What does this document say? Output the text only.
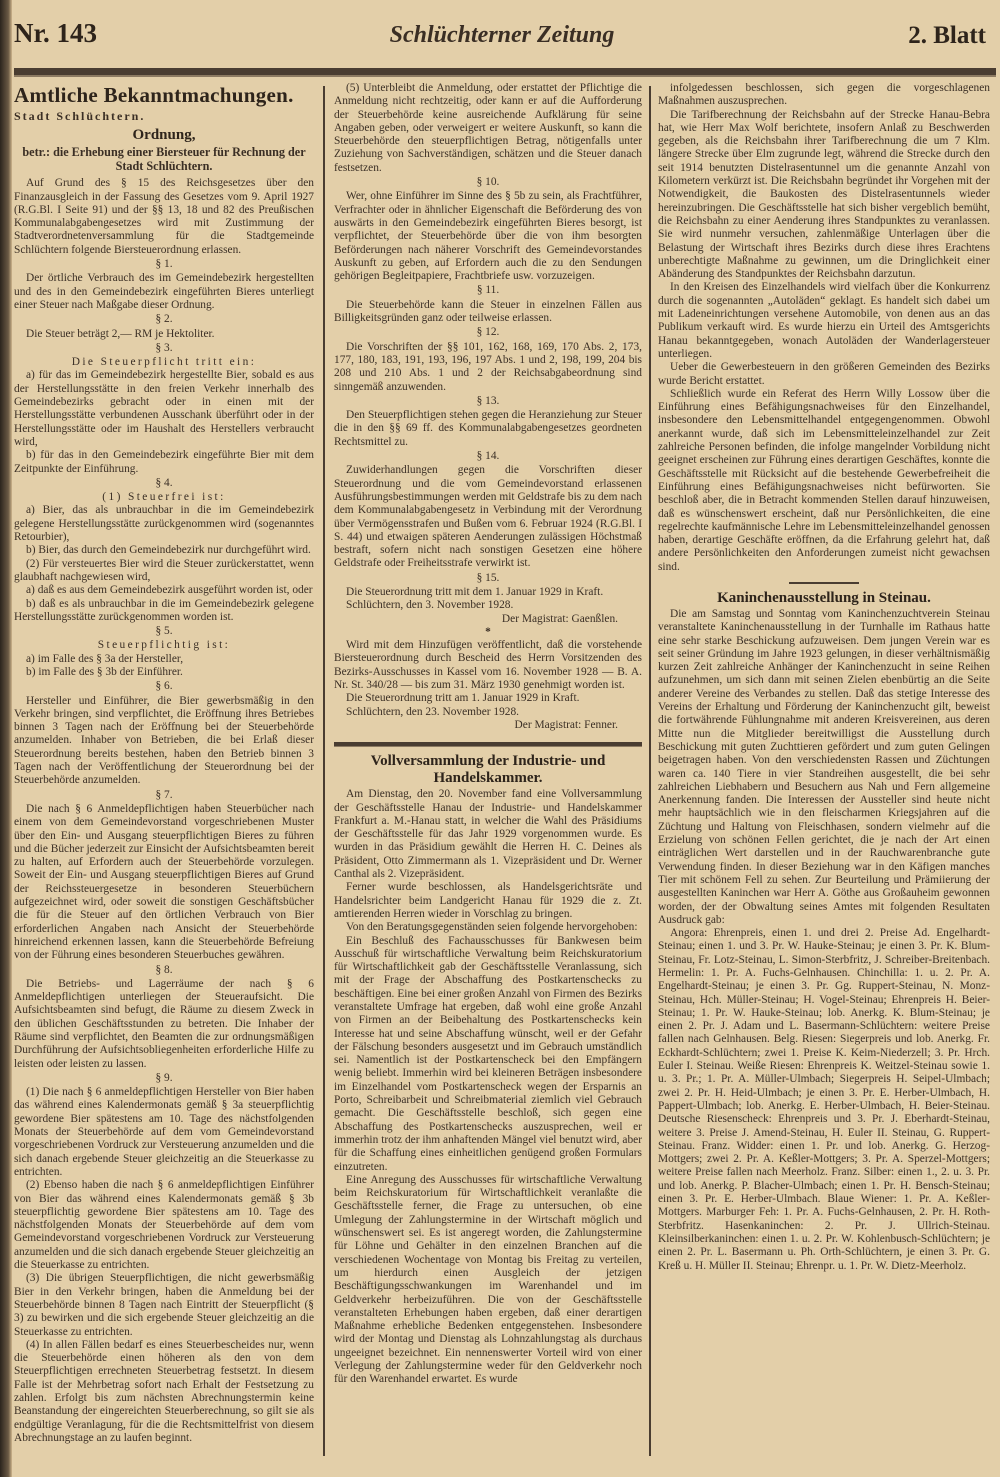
Nr. 143	Schlüchterner Zeitung	2. Blatt
Amtliche Bekanntmachungen.
Stadt Schlüchtern.
Ordnung,
betr.: die Erhebung einer Biersteuer für Rechnung der Stadt Schlüchtern.
Auf Grund des § 15 des Reichsgesetzes über den Finanzausgleich in der Fassung des Gesetzes vom 9. April 1927 (R.G.Bl. I Seite 91) und der §§ 13, 18 und 82 des Preußischen Kommunalabgabengesetzes wird mit Zustimmung der Stadtverordnetenversammlung für die Stadtgemeinde Schlüchtern folgende Biersteuerordnung erlassen.
§ 1.
Der örtliche Verbrauch des im Gemeindebezirk hergestellten und des in den Gemeindebezirk eingeführten Bieres unterliegt einer Steuer nach Maßgabe dieser Ordnung.
§ 2.
Die Steuer beträgt 2,— RM je Hektoliter.
§ 3.
Die Steuerpflicht tritt ein:
a) für das im Gemeindebezirk hergestellte Bier, sobald es aus der Herstellungsstätte in den freien Verkehr innerhalb des Gemeindebezirks gebracht oder in einen mit der Herstellungsstätte verbundenen Ausschank überführt oder in der Herstellungsstätte oder im Haushalt des Herstellers verbraucht wird,
b) für das in den Gemeindebezirk eingeführte Bier mit dem Zeitpunkte der Einführung.
§ 4.
(1) Steuerfrei ist:
a) Bier, das als unbrauchbar in die im Gemeindebezirk gelegene Herstellungsstätte zurückgenommen wird (sogenanntes Retourbier),
b) Bier, das durch den Gemeindebezirk nur durchgeführt wird.
(2) Für versteuertes Bier wird die Steuer zurückerstattet, wenn glaubhaft nachgewiesen wird,
a) daß es aus dem Gemeindebezirk ausgeführt worden ist, oder
b) daß es als unbrauchbar in die im Gemeindebezirk gelegene Herstellungsstätte zurückgenommen worden ist.
§ 5.
Steuerpflichtig ist:
a) im Falle des § 3a der Hersteller,
b) im Falle des § 3b der Einführer.
§ 6.
Hersteller und Einführer, die Bier gewerbsmäßig in den Verkehr bringen, sind verpflichtet, die Eröffnung ihres Betriebes binnen 3 Tagen nach der Eröffnung bei der Steuerbehörde anzumelden. Inhaber von Betrieben, die bei Erlaß dieser Steuerordnung bereits bestehen, haben den Betrieb binnen 3 Tagen nach der Veröffentlichung der Steuerordnung bei der Steuerbehörde anzumelden.
§ 7.
Die nach § 6 Anmeldepflichtigen haben Steuerbücher nach einem von dem Gemeindevorstand vorgeschriebenen Muster über den Ein- und Ausgang steuerpflichtigen Bieres zu führen und die Bücher jederzeit zur Einsicht der Aufsichtsbeamten bereit zu halten, auf Erfordern auch der Steuerbehörde vorzulegen. Soweit der Ein- und Ausgang steuerpflichtigen Bieres auf Grund der Reichssteuergesetze in besonderen Steuerbüchern aufgezeichnet wird, oder soweit die sonstigen Geschäftsbücher die für die Steuer auf den örtlichen Verbrauch von Bier erforderlichen Angaben nach Ansicht der Steuerbehörde hinreichend erkennen lassen, kann die Steuerbehörde Befreiung von der Führung eines besonderen Steuerbuches gewähren.
§ 8.
Die Betriebs- und Lagerräume der nach § 6 Anmeldepflichtigen unterliegen der Steueraufsicht. Die Aufsichtsbeamten sind befugt, die Räume zu diesem Zweck in den üblichen Geschäftsstunden zu betreten. Die Inhaber der Räume sind verpflichtet, den Beamten die zur ordnungsmäßigen Durchführung der Aufsichtsobliegenheiten erforderliche Hilfe zu leisten oder leisten zu lassen.
§ 9.
(1) Die nach § 6 anmeldepflichtigen Hersteller von Bier haben das während eines Kalendermonats gemäß § 3a steuerpflichtig gewordene Bier spätestens am 10. Tage des nächstfolgenden Monats der Steuerbehörde auf dem vom Gemeindevorstand vorgeschriebenen Vordruck zur Versteuerung anzumelden und die sich danach ergebende Steuer gleichzeitig an die Steuerkasse zu entrichten.
(2) Ebenso haben die nach § 6 anmeldepflichtigen Einführer von Bier das während eines Kalendermonats gemäß § 3b steuerpflichtig gewordene Bier spätestens am 10. Tage des nächstfolgenden Monats der Steuerbehörde auf dem vom Gemeindevorstand vorgeschriebenen Vordruck zur Versteuerung anzumelden und die sich danach ergebende Steuer gleichzeitig an die Steuerkasse zu entrichten.
(3) Die übrigen Steuerpflichtigen, die nicht gewerbsmäßig Bier in den Verkehr bringen, haben die Anmeldung bei der Steuerbehörde binnen 8 Tagen nach Eintritt der Steuerpflicht (§ 3) zu bewirken und die sich ergebende Steuer gleichzeitig an die Steuerkasse zu entrichten.
(4) In allen Fällen bedarf es eines Steuerbescheides nur, wenn die Steuerbehörde einen höheren als den von dem Steuerpflichtigen errechneten Steuerbetrag festsetzt. In diesem Falle ist der Mehrbetrag sofort nach Erhalt der Festsetzung zu zahlen. Erfolgt bis zum nächsten Abrechnungstermin keine Beanstandung der eingereichten Steuerberechnung, so gilt sie als endgültige Veranlagung, für die die Rechtsmittelfrist von diesem Abrechnungstage an zu laufen beginnt.
(5) Unterbleibt die Anmeldung, oder erstattet der Pflichtige die Anmeldung nicht rechtzeitig, oder kann er auf die Aufforderung der Steuerbehörde keine ausreichende Aufklärung für seine Angaben geben, oder verweigert er weitere Auskunft, so kann die Steuerbehörde den steuerpflichtigen Betrag, nötigenfalls unter Zuziehung von Sachverständigen, schätzen und die Steuer danach festsetzen.
§ 10.
Wer, ohne Einführer im Sinne des § 5b zu sein, als Frachtführer, Verfrachter oder in ähnlicher Eigenschaft die Beförderung des von auswärts in den Gemeindebezirk eingeführten Bieres besorgt, ist verpflichtet, der Steuerbehörde über die von ihm besorgten Beförderungen nach näherer Vorschrift des Gemeindevorstandes Auskunft zu geben, auf Erfordern auch die zu den Sendungen gehörigen Begleitpapiere, Frachtbriefe usw. vorzuzeigen.
§ 11.
Die Steuerbehörde kann die Steuer in einzelnen Fällen aus Billigkeitsgründen ganz oder teilweise erlassen.
§ 12.
Die Vorschriften der §§ 101, 162, 168, 169, 170 Abs. 2, 173, 177, 180, 183, 191, 193, 196, 197 Abs. 1 und 2, 198, 199, 204 bis 208 und 210 Abs. 1 und 2 der Reichsabgabeordnung sind sinngemäß anzuwenden.
§ 13.
Den Steuerpflichtigen stehen gegen die Heranziehung zur Steuer die in den §§ 69 ff. des Kommunalabgabengesetzes geordneten Rechtsmittel zu.
§ 14.
Zuwiderhandlungen gegen die Vorschriften dieser Steuerordnung und die vom Gemeindevorstand erlassenen Ausführungsbestimmungen werden mit Geldstrafe bis zu dem nach dem Kommunalabgabengesetz in Verbindung mit der Verordnung über Vermögensstrafen und Bußen vom 6. Februar 1924 (R.G.Bl. I S. 44) und etwaigen späteren Aenderungen zulässigen Höchstmaß bestraft, sofern nicht nach sonstigen Gesetzen eine höhere Geldstrafe oder Freiheitsstrafe verwirkt ist.
§ 15.
Die Steuerordnung tritt mit dem 1. Januar 1929 in Kraft.
Schlüchtern, den 3. November 1928.
Der Magistrat: Gaenßlen.
*
Wird mit dem Hinzufügen veröffentlicht, daß die vorstehende Biersteuerordnung durch Bescheid des Herrn Vorsitzenden des Bezirks-Ausschusses in Kassel vom 16. November 1928 — B. A. Nr. St. 340/28 — bis zum 31. März 1930 genehmigt worden ist.
Die Steuerordnung tritt am 1. Januar 1929 in Kraft.
Schlüchtern, den 23. November 1928.
Der Magistrat: Fenner.
Vollversammlung der Industrie- und Handelskammer.
Am Dienstag, den 20. November fand eine Vollversammlung der Geschäftsstelle Hanau der Industrie- und Handelskammer Frankfurt a. M.-Hanau statt, in welcher die Wahl des Präsidiums der Geschäftsstelle für das Jahr 1929 vorgenommen wurde. Es wurden in das Präsidium gewählt die Herren H. C. Deines als Präsident, Otto Zimmermann als 1. Vizepräsident und Dr. Werner Canthal als 2. Vizepräsident.
Ferner wurde beschlossen, als Handelsgerichtsräte und Handelsrichter beim Landgericht Hanau für 1929 die z. Zt. amtierenden Herren wieder in Vorschlag zu bringen.
Von den Beratungsgegenständen seien folgende hervorgehoben:
Ein Beschluß des Fachausschusses für Bankwesen beim Ausschuß für wirtschaftliche Verwaltung beim Reichskuratorium für Wirtschaftlichkeit gab der Geschäftsstelle Veranlassung, sich mit der Frage der Abschaffung des Postkartenschecks zu beschäftigen. Eine bei einer großen Anzahl von Firmen des Bezirks veranstaltete Umfrage hat ergeben, daß wohl eine große Anzahl von Firmen an der Beibehaltung des Postkartenschecks kein Interesse hat und seine Abschaffung wünscht, weil er der Gefahr der Fälschung besonders ausgesetzt und im Gebrauch umständlich sei. Namentlich ist der Postkartenscheck bei den Empfängern wenig beliebt. Immerhin wird bei kleineren Beträgen insbesondere im Einzelhandel vom Postkartenscheck wegen der Ersparnis an Porto, Schreibarbeit und Schreibmaterial ziemlich viel Gebrauch gemacht. Die Geschäftsstelle beschloß, sich gegen eine Abschaffung des Postkartenschecks auszusprechen, weil er immerhin trotz der ihm anhaftenden Mängel viel benutzt wird, aber für die Schaffung eines einheitlichen genügend großen Formulars einzutreten.
Eine Anregung des Ausschusses für wirtschaftliche Verwaltung beim Reichskuratorium für Wirtschaftlichkeit veranlaßte die Geschäftsstelle ferner, die Frage zu untersuchen, ob eine Umlegung der Zahlungstermine in der Wirtschaft möglich und wünschenswert sei. Es ist angeregt worden, die Zahlungstermine für Löhne und Gehälter in den einzelnen Branchen auf die verschiedenen Wochentage von Montag bis Freitag zu verteilen, um hierdurch einen Ausgleich der jetzigen Beschäftigungsschwankungen im Warenhandel und im Geldverkehr herbeizuführen. Die von der Geschäftsstelle veranstalteten Erhebungen haben ergeben, daß einer derartigen Maßnahme erhebliche Bedenken entgegenstehen. Insbesondere wird der Montag und Dienstag als Lohnzahlungstag als durchaus ungeeignet bezeichnet. Ein nennenswerter Vorteil wird von einer Verlegung der Zahlungstermine weder für den Geldverkehr noch für den Warenhandel erwartet. Es wurde
infolgedessen beschlossen, sich gegen die vorgeschlagenen Maßnahmen auszusprechen.
Die Tarifberechnung der Reichsbahn auf der Strecke Hanau-Bebra hat, wie Herr Max Wolf berichtete, insofern Anlaß zu Beschwerden gegeben, als die Reichsbahn ihrer Tarifberechnung die um 7 Klm. längere Strecke über Elm zugrunde legt, während die Strecke durch den seit 1914 benutzten Distelrasentunnel um die genannte Anzahl von Kilometern verkürzt ist. Die Reichsbahn begründet ihr Vorgehen mit der Notwendigkeit, die Baukosten des Distelrasentunnels wieder hereinzubringen. Die Geschäftsstelle hat sich bisher vergeblich bemüht, die Reichsbahn zu einer Aenderung ihres Standpunktes zu veranlassen. Sie wird nunmehr versuchen, zahlenmäßige Unterlagen über die Belastung der Wirtschaft ihres Bezirks durch diese ihres Erachtens unberechtigte Maßnahme zu gewinnen, um die Dringlichkeit einer Abänderung des Standpunktes der Reichsbahn darzutun.
In den Kreisen des Einzelhandels wird vielfach über die Konkurrenz durch die sogenannten „Autoläden“ geklagt. Es handelt sich dabei um mit Ladeneinrichtungen versehene Automobile, von denen aus an das Publikum verkauft wird. Es wurde hierzu ein Urteil des Amtsgerichts Hanau bekanntgegeben, wonach Autoläden der Wanderlagersteuer unterliegen.
Ueber die Gewerbesteuern in den größeren Gemeinden des Bezirks wurde Bericht erstattet.
Schließlich wurde ein Referat des Herrn Willy Lossow über die Einführung eines Befähigungsnachweises für den Einzelhandel, insbesondere den Lebensmittelhandel entgegengenommen. Obwohl anerkannt wurde, daß sich im Lebensmitteleinzelhandel zur Zeit zahlreiche Personen befinden, die infolge mangelnder Vorbildung nicht geeignet erscheinen zur Führung eines derartigen Geschäftes, konnte die Geschäftsstelle mit Rücksicht auf die bestehende Gewerbefreiheit die Einführung eines Befähigungsnachweises nicht befürworten. Sie beschloß aber, die in Betracht kommenden Stellen darauf hinzuweisen, daß es wünschenswert erscheint, daß nur Persönlichkeiten, die eine regelrechte kaufmännische Lehre im Lebensmitteleinzelhandel genossen haben, derartige Geschäfte eröffnen, da die Erfahrung gelehrt hat, daß andere Persönlichkeiten den Anforderungen zumeist nicht gewachsen sind.
Kaninchenausstellung in Steinau.
Die am Samstag und Sonntag vom Kaninchenzuchtverein Steinau veranstaltete Kaninchenausstellung in der Turnhalle im Rathaus hatte eine sehr starke Beschickung aufzuweisen. Dem jungen Verein war es seit seiner Gründung im Jahre 1923 gelungen, in dieser verhältnismäßig kurzen Zeit zahlreiche Anhänger der Kaninchenzucht in seine Reihen aufzunehmen, um sich dann mit seinen Zielen ebenbürtig an die Seite anderer Vereine des Verbandes zu stellen. Daß das stetige Interesse des Vereins der Erhaltung und Förderung der Kaninchenzucht gilt, beweist die fortwährende Fühlungnahme mit anderen Kreisvereinen, aus deren Mitte nun die Mitglieder bereitwilligst die Ausstellung durch Beschickung mit guten Zuchttieren gefördert und zum guten Gelingen beigetragen haben. Von den verschiedensten Rassen und Züchtungen waren ca. 140 Tiere in vier Standreihen ausgestellt, die bei sehr zahlreichen Liebhabern und Besuchern aus Nah und Fern allgemeine Anerkennung fanden. Die Interessen der Aussteller sind heute nicht mehr hauptsächlich wie in den fleischarmen Kriegsjahren auf die Züchtung und Haltung von Fleischhasen, sondern vielmehr auf die Erzielung von schönen Fellen gerichtet, die je nach der Art einen einträglichen Wert darstellen und in der Rauchwarenbranche gute Verwendung finden. In dieser Beziehung war in den Käfigen manches Tier mit schönem Fell zu sehen. Zur Beurteilung und Prämiierung der ausgestellten Kaninchen war Herr A. Göthe aus Großauheim gewonnen worden, der der Obwaltung seines Amtes mit folgenden Resultaten Ausdruck gab:
Angora: Ehrenpreis, einen 1. und drei 2. Preise Ad. Engelhardt-Steinau; einen 1. und 3. Pr. W. Hauke-Steinau; je einen 3. Pr. K. Blum-Steinau, Fr. Lotz-Steinau, L. Simon-Sterbfritz, J. Schreiber-Breitenbach. Hermelin: 1. Pr. A. Fuchs-Gelnhausen. Chinchilla: 1. u. 2. Pr. A. Engelhardt-Steinau; je einen 3. Pr. Gg. Ruppert-Steinau, N. Monz-Steinau, Hch. Müller-Steinau; H. Vogel-Steinau; Ehrenpreis H. Beier-Steinau; 1. Pr. W. Hauke-Steinau; lob. Anerkg. K. Blum-Steinau; je einen 2. Pr. J. Adam und L. Basermann-Schlüchtern: weitere Preise fallen nach Gelnhausen. Belg. Riesen: Siegerpreis und lob. Anerkg. Fr. Eckhardt-Schlüchtern; zwei 1. Preise K. Keim-Niederzell; 3. Pr. Hrch. Euler I. Steinau. Weiße Riesen: Ehrenpreis K. Weitzel-Steinau sowie 1. u. 3. Pr.; 1. Pr. A. Müller-Ulmbach; Siegerpreis H. Seipel-Ulmbach; zwei 2. Pr. H. Heid-Ulmbach; je einen 3. Pr. E. Herber-Ulmbach, H. Pappert-Ulmbach; lob. Anerkg. E. Herber-Ulmbach, H. Beier-Steinau. Deutsche Riesenscheck: Ehrenpreis und 3. Pr. J. Eberhardt-Steinau, weitere 3. Preise J. Amend-Steinau, H. Euler II. Steinau, G. Ruppert-Steinau. Franz. Widder: einen 1. Pr. und lob. Anerkg. G. Herzog-Mottgers; zwei 2. Pr. A. Keßler-Mottgers; 3. Pr. A. Sperzel-Mottgers; weitere Preise fallen nach Meerholz. Franz. Silber: einen 1., 2. u. 3. Pr. und lob. Anerkg. P. Blacher-Ulmbach; einen 1. Pr. H. Bensch-Steinau; einen 3. Pr. E. Herber-Ulmbach. Blaue Wiener: 1. Pr. A. Keßler-Mottgers. Marburger Feh: 1. Pr. A. Fuchs-Gelnhausen, 2. Pr. H. Roth-Sterbfritz. Hasenkaninchen: 2. Pr. J. Ullrich-Steinau. Kleinsilberkaninchen: einen 1. u. 2. Pr. W. Kohlenbusch-Schlüchtern; je einen 2. Pr. L. Basermann u. Ph. Orth-Schlüchtern, je einen 3. Pr. G. Kreß u. H. Müller II. Steinau; Ehrenpr. u. 1. Pr. W. Dietz-Meerholz.
